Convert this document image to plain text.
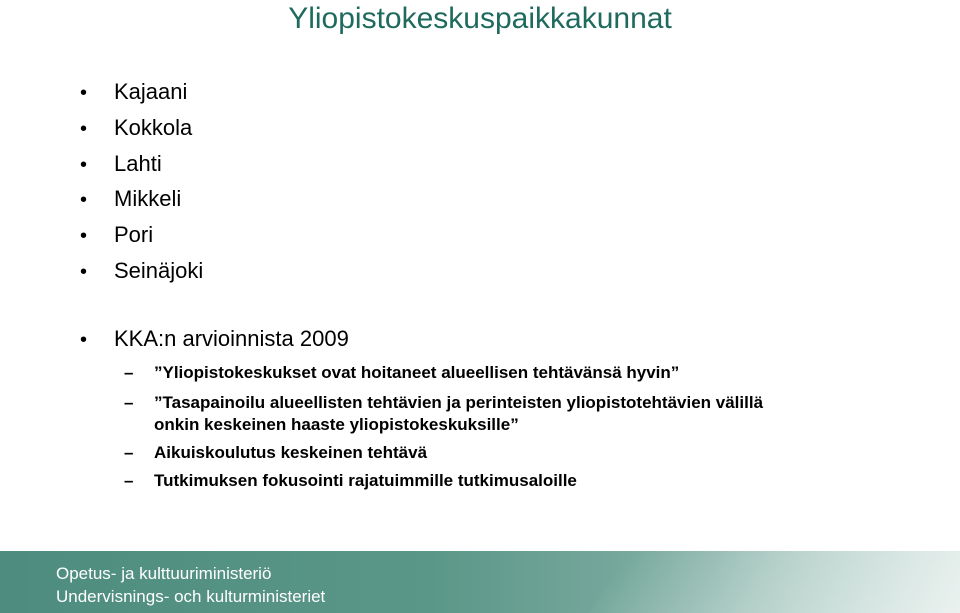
Yliopistokeskuspaikkakunnat
• Kajaani
• Kokkola
• Lahti
• Mikkeli
• Pori
• Seinäjoki
• KKA:n arvioinnista 2009
–	”Yliopistokeskukset ovat hoitaneet alueellisen tehtävänsä hyvin”
–	”Tasapainoilu alueellisten tehtävien ja perinteisten yliopistotehtävien välillä
onkin keskeinen haaste yliopistokeskuksille”
–	Aikuiskoulutus keskeinen tehtävä
–	Tutkimuksen fokusointi rajatuimmille tutkimusaloille
Opetus- ja kulttuuriministeriö
Undervisnings- och kulturministeriet
